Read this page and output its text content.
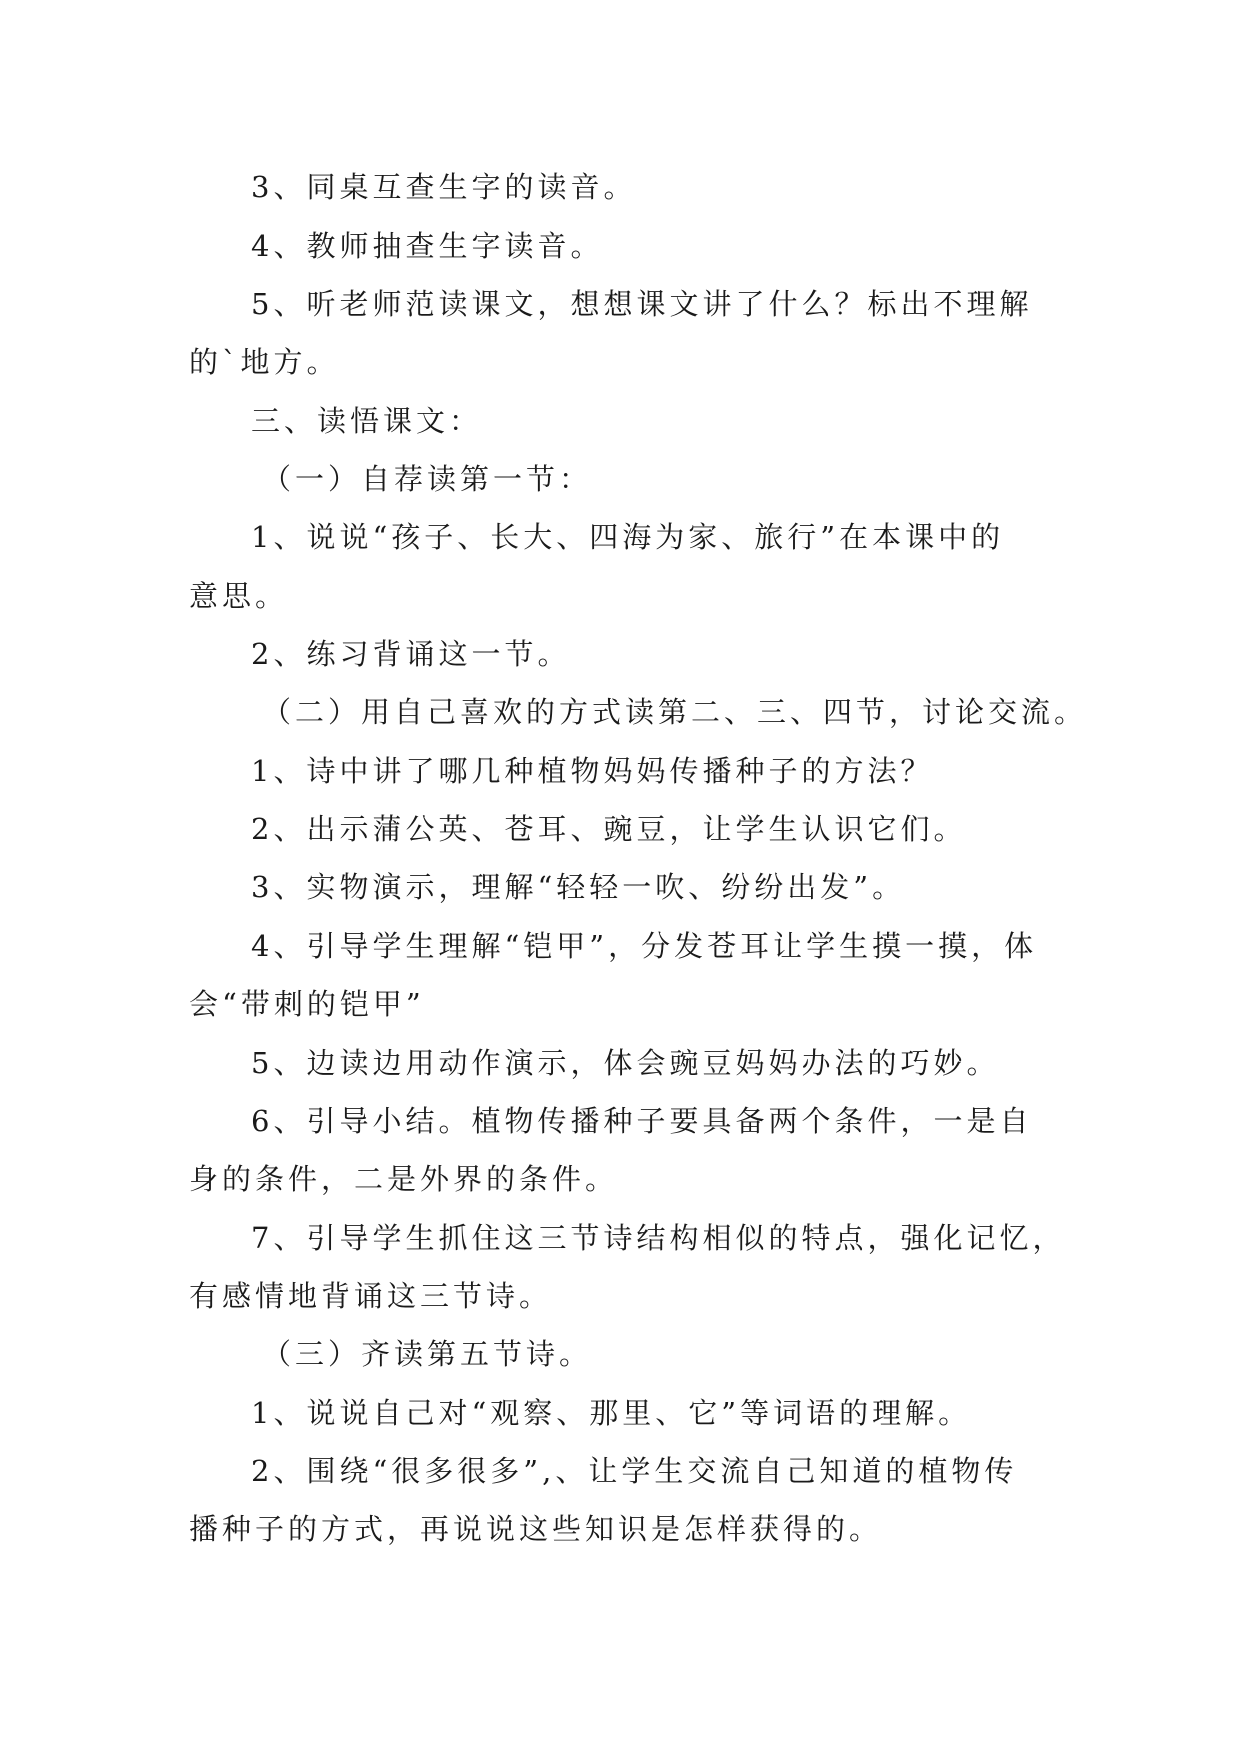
3、同桌互查生字的读音。
4、教师抽查生字读音。
5、听老师范读课文，想想课文讲了什么？标出不理解
的`地方。
三、读悟课文：
（一）自荐读第一节：
1、说说“孩子、长大、四海为家、旅行”在本课中的
意思。
2、练习背诵这一节。
（二）用自己喜欢的方式读第二、三、四节，讨论交流。
1、诗中讲了哪几种植物妈妈传播种子的方法？
2、出示蒲公英、苍耳、豌豆，让学生认识它们。
3、实物演示，理解“轻轻一吹、纷纷出发”。
4、引导学生理解“铠甲”，分发苍耳让学生摸一摸，体
会“带刺的铠甲”
5、边读边用动作演示，体会豌豆妈妈办法的巧妙。
6、引导小结。植物传播种子要具备两个条件，一是自
身的条件，二是外界的条件。
7、引导学生抓住这三节诗结构相似的特点，强化记忆，
有感情地背诵这三节诗。
（三）齐读第五节诗。
1、说说自己对“观察、那里、它”等词语的理解。
2、围绕“很多很多”,、让学生交流自己知道的植物传
播种子的方式，再说说这些知识是怎样获得的。
